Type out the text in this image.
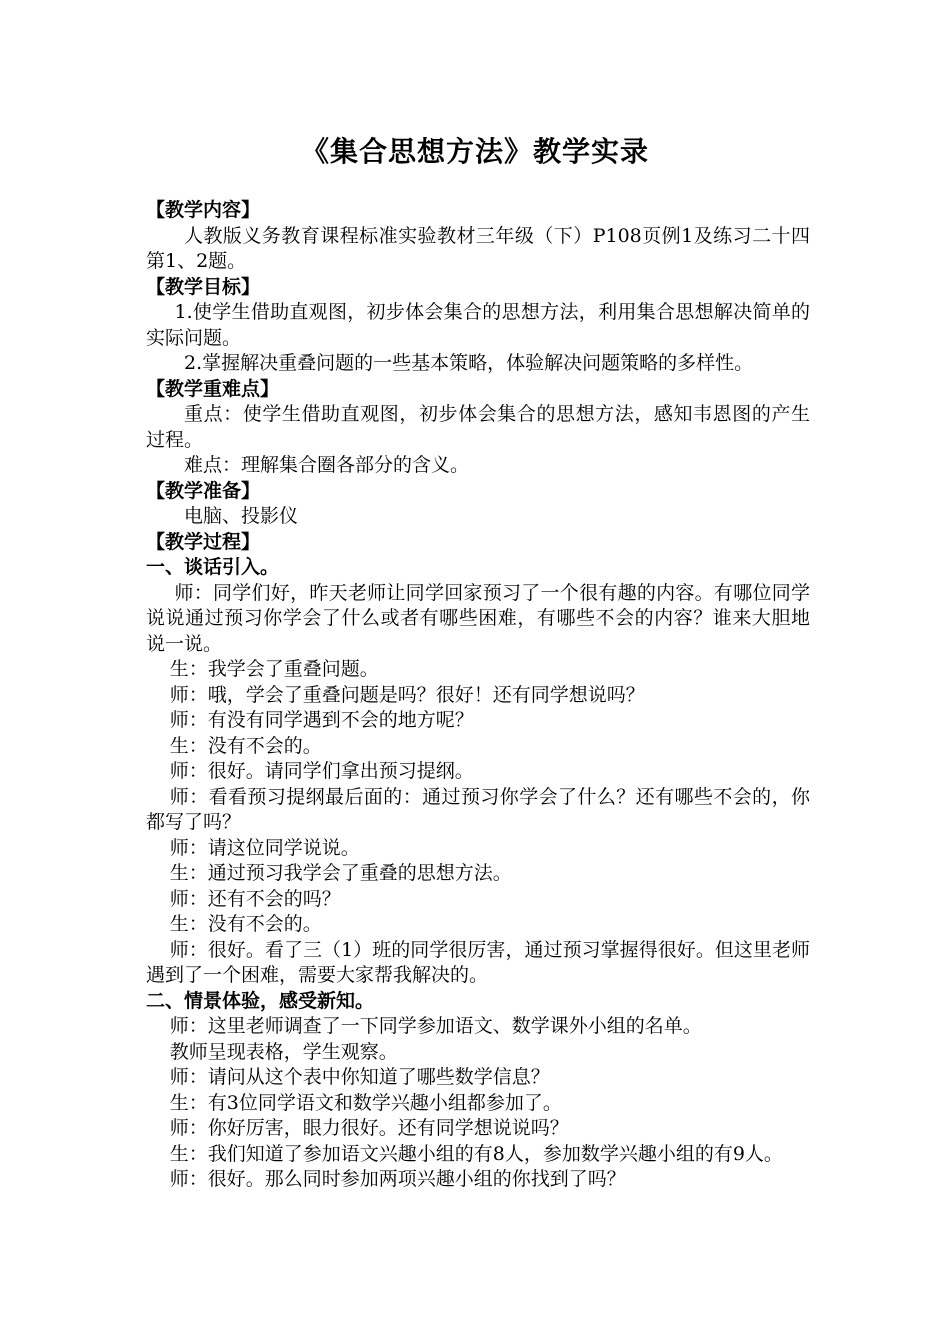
《集合思想方法》教学实录

【教学内容】

人教版义务教育课程标准实验教材三年级（下）P108页例1及练习二十四第1、2题。

【教学目标】

1.使学生借助直观图，初步体会集合的思想方法，利用集合思想解决简单的实际问题。

2.掌握解决重叠问题的一些基本策略，体验解决问题策略的多样性。

【教学重难点】

重点：使学生借助直观图，初步体会集合的思想方法，感知韦恩图的产生过程。

难点：理解集合圈各部分的含义。

【教学准备】

电脑、投影仪

【教学过程】

一、谈话引入。

师：同学们好，昨天老师让同学回家预习了一个很有趣的内容。有哪位同学说说通过预习你学会了什么或者有哪些困难，有哪些不会的内容？谁来大胆地说一说。

生：我学会了重叠问题。

师：哦，学会了重叠问题是吗？很好！还有同学想说吗？

师：有没有同学遇到不会的地方呢？

生：没有不会的。

师：很好。请同学们拿出预习提纲。

师：看看预习提纲最后面的：通过预习你学会了什么？还有哪些不会的，你都写了吗？

师：请这位同学说说。

生：通过预习我学会了重叠的思想方法。

师：还有不会的吗？

生：没有不会的。

师：很好。看了三（1）班的同学很厉害，通过预习掌握得很好。但这里老师遇到了一个困难，需要大家帮我解决的。

二、情景体验，感受新知。

师：这里老师调查了一下同学参加语文、数学课外小组的名单。

教师呈现表格，学生观察。

师：请问从这个表中你知道了哪些数学信息？

生：有3位同学语文和数学兴趣小组都参加了。

师：你好厉害，眼力很好。还有同学想说说吗？

生：我们知道了参加语文兴趣小组的有8人，参加数学兴趣小组的有9人。

师：很好。那么同时参加两项兴趣小组的你找到了吗？
